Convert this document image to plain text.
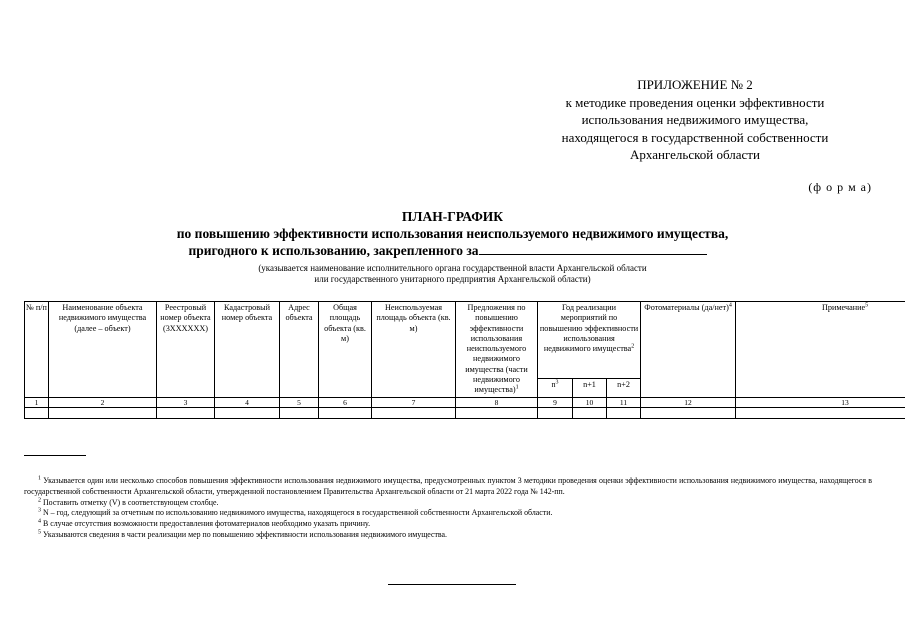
ПРИЛОЖЕНИЕ № 2
к методике проведения оценки эффективности
использования недвижимого имущества,
находящегося в государственной собственности
Архангельской области
(ф о р м а)
ПЛАН-ГРАФИК
по повышению эффективности использования неиспользуемого недвижимого имущества,
пригодного к использованию, закрепленного за
(указывается наименование исполнительного органа государственной власти Архангельской области
или государственного унитарного предприятия Архангельской области)
№ п/п	Наименование объекта недвижимого имущества (далее – объект)	Реестровый номер объекта (3ХХХХХХ)	Кадастровый номер объекта	Адрес объекта	Общая площадь объекта (кв. м)	Неиспользуемая площадь объекта (кв. м)	Предложения по повышению эффективности использования неиспользуемого недвижимого имущества (части недвижимого имущества)$^1$	Год реализации мероприятий по повышению эффективности использования недвижимого имущества$^2$			Фотоматериалы $(да/нет)^4$	Примечание$^5$
								$n^3$	n+1	n+2		
1	2	3	4	5	6	7	8	9	10	11	12	13

$^1$ Указывается один или несколько способов повышения эффективности использования недвижимого имущества, предусмотренных пунктом 3 методики проведения оценки эффективности использования недвижимого имущества, находящегося в государственной собственности Архангельской области, утвержденной постановлением Правительства Архангельской области от 21 марта 2022 года № 142-пп.

$^2$ Поставить отметку (V) в соответствующем столбце.

$^3$ N – год, следующий за отчетным по использованию недвижимого имущества, находящегося в государственной собственности Архангельской области.

$^4$ В случае отсутствия возможности предоставления фотоматериалов необходимо указать причину.

$^5$ Указываются сведения в части реализации мер по повышению эффективности использования недвижимого имущества.
